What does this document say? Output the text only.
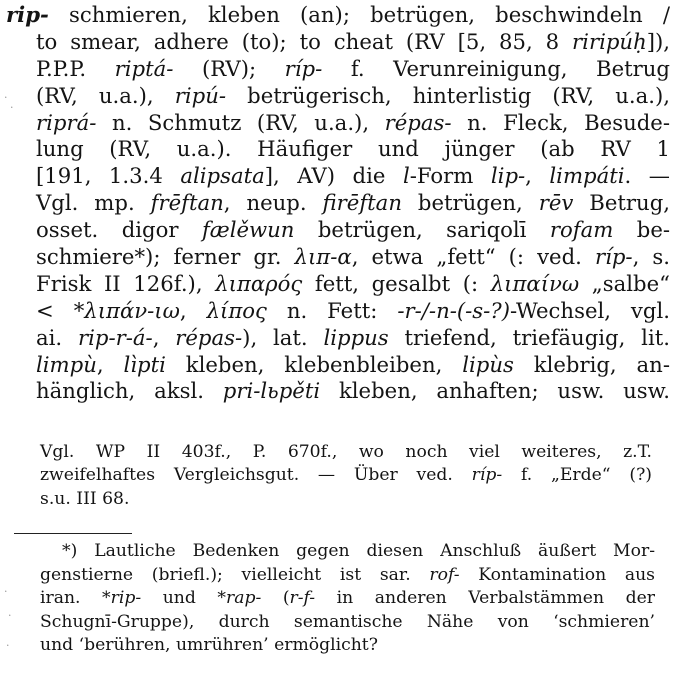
rip- schmieren, kleben (an); betrügen, beschwindeln /
to smear, adhere (to); to cheat (RV [5, 85, 8 riripúḥ]),
P.P.P. riptá- (RV); ríp- f. Verunreinigung, Betrug
(RV, u.a.), ripú- betrügerisch, hinterlistig (RV, u.a.),
riprá- n. Schmutz (RV, u.a.), répas- n. Fleck, Besude-
lung (RV, u.a.). Häufiger und jünger (ab RV 1
[191, 1.3.4 alipsata], AV) die l-Form lip-, limpáti. —
Vgl. mp. frēftan, neup. firēftan betrügen, rēv Betrug,
osset. digor fælěwun betrügen, sariqolī rofam be-
schmiere*); ferner gr. λιπ-α, etwa „fett“ (: ved. ríp-, s.
Frisk II 126f.), λιπαρός fett, gesalbt (: λιπαίνω „salbe“
< *λιπάν-ιω, λίπος n. Fett: -r-/-n-(-s-?)-Wechsel, vgl.
ai. rip-r-á-, répas-), lat. lippus triefend, triefäugig, lit.
limpù, lìpti kleben, klebenbleiben, lipùs klebrig, an-
hänglich, aksl. pri-lьpěti kleben, anhaften; usw. usw.
Vgl. WP II 403f., P. 670f., wo noch viel weiteres, z.T.
zweifelhaftes Vergleichsgut. — Über ved. ríp- f. „Erde“ (?)
s.u. III 68.
*) Lautliche Bedenken gegen diesen Anschluß äußert Mor-
genstierne (briefl.); vielleicht ist sar. rof- Kontamination aus
iran. *rip- und *rap- (r-f- in anderen Verbalstämmen der
Schugnī-Gruppe), durch semantische Nähe von ‘schmieren’
und ‘berühren, umrühren’ ermöglicht?
·
·
·
·
·
